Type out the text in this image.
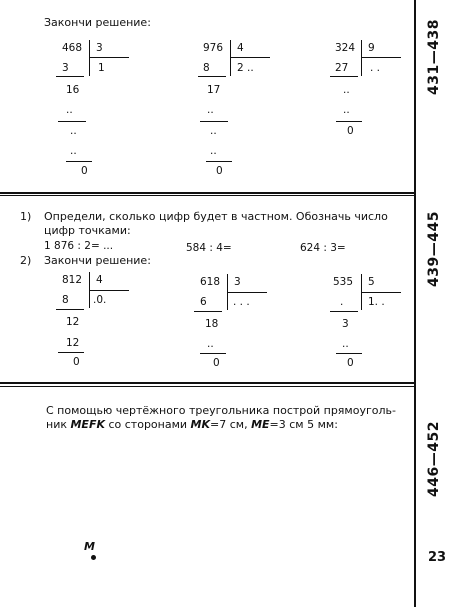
431—438
439—445
446—452
Закончи решение:
468 3
1
3
16
..
..
..
0
976 4
2 ..
8
17
..
..
..
0
324 9
. .
27
..
..
0
1) Определи, сколько цифр будет в частном. Обозначь число
цифр точками:
1 876 : 2= ...	584 : 4=	624 : 3=
2) Закончи решение:
812 4
.0.
8
12
12
0
618 3
. . .
6
18
..
0
535 5
1. .
.
3
..
0
С помощью чертёжного треугольника построй прямоуголь-
ник MEFK со сторонами MK=7 см, ME=3 см 5 мм:
M
23
